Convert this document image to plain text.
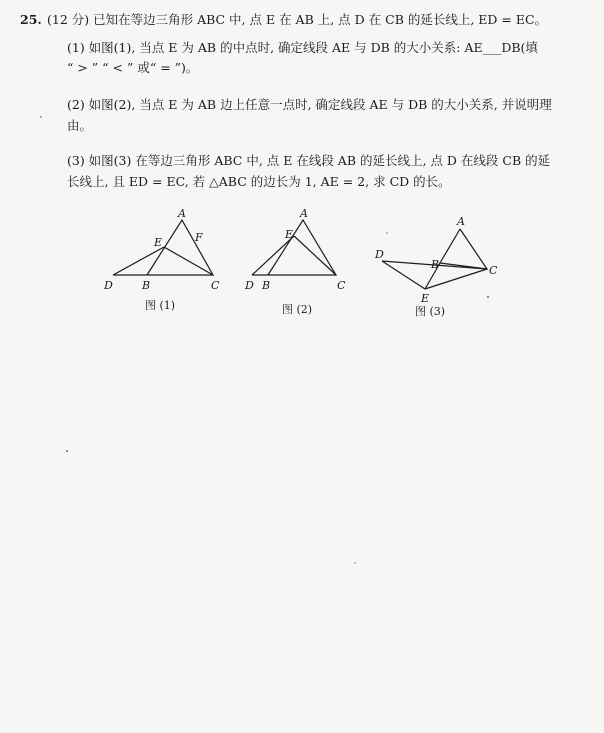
25. (12 分) 已知在等边三角形 ABC 中, 点 E 在 AB 上, 点 D 在 CB 的延长线上, ED = EC。
(1) 如图(1), 当点 E 为 AB 的中点时, 确定线段 AE 与 DB 的大小关系: AE___DB(填
“ > ” “ < ” 或“ = ”)。
(2) 如图(2), 当点 E 为 AB 边上任意一点时, 确定线段 AE 与 DB 的大小关系, 并说明理
由。
(3) 如图(3) 在等边三角形 ABC 中, 点 E 在线段 AB 的延长线上, 点 D 在线段 CB 的延
长线上, 且 ED = EC, 若 △ABC 的边长为 1, AE = 2, 求 CD 的长。
A
E	F
D	B	C
A
E
D B	C
A
D
B	C
E
图 (1)	图 (2)	图 (3)
